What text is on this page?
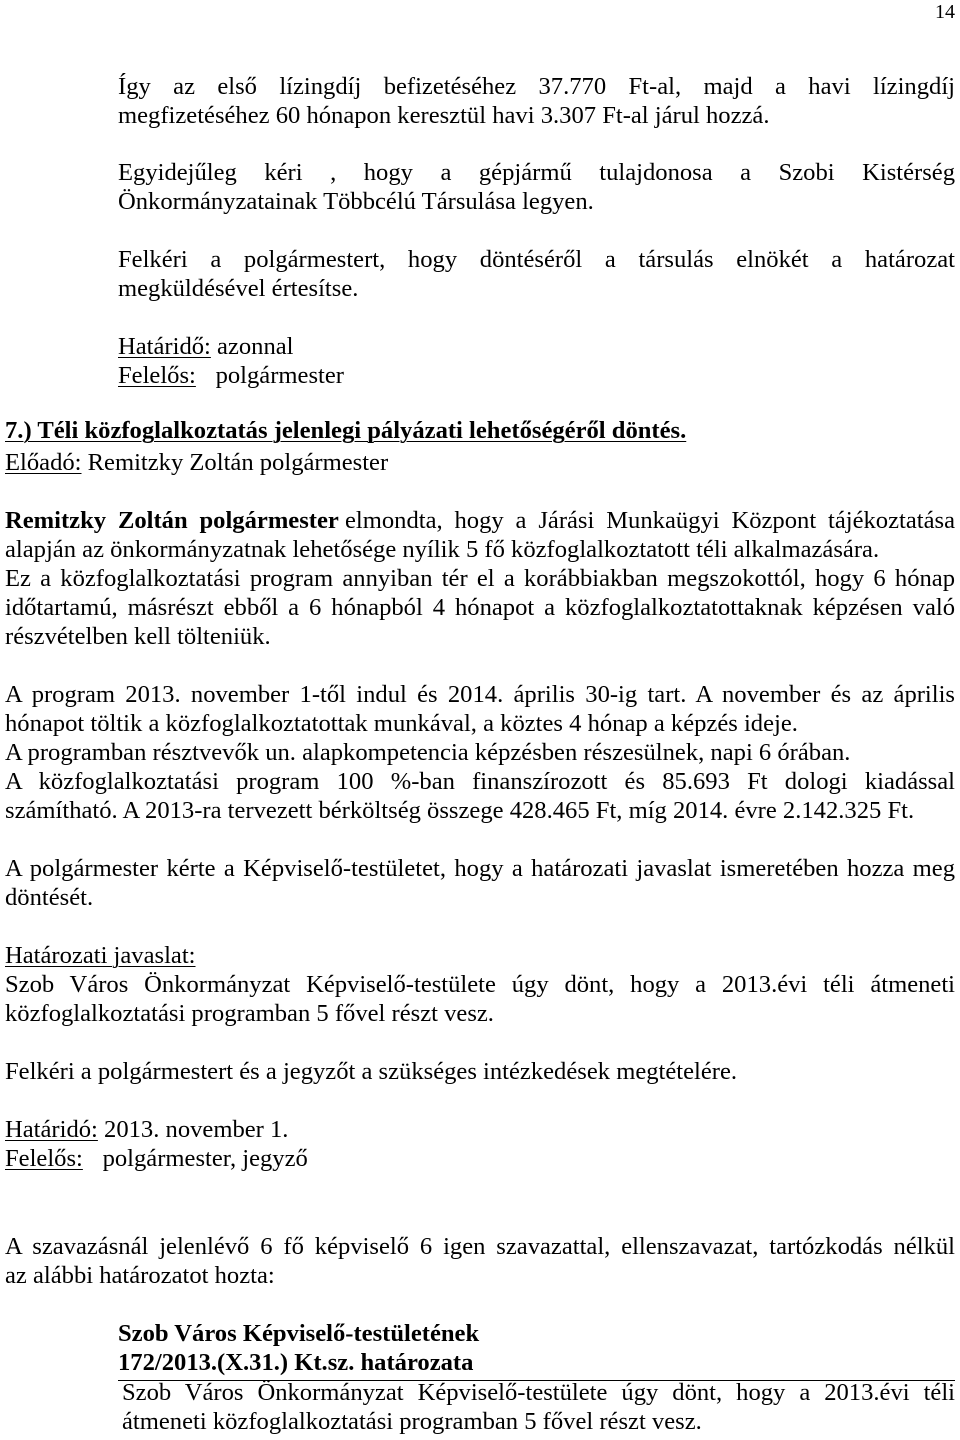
14
Így az első lízingdíj befizetéséhez 37.770 Ft-al, majd a havi lízingdíj
megfizetéséhez 60 hónapon keresztül havi 3.307 Ft-al járul hozzá.
Egyidejűleg kéri , hogy a gépjármű tulajdonosa a Szobi Kistérség
Önkormányzatainak Többcélú Társulása legyen.
Felkéri a polgármestert, hogy döntéséről a társulás elnökét a határozat
megküldésével értesítse.
Határidő: azonnal
Felelős: polgármester
7.) Téli közfoglalkoztatás jelenlegi pályázati lehetőségéről döntés.
Előadó: Remitzky Zoltán polgármester
Remitzky Zoltán polgármester elmondta, hogy a Járási Munkaügyi Központ tájékoztatása
alapján az önkormányzatnak lehetősége nyílik 5 fő közfoglalkoztatott téli alkalmazására.
Ez a közfoglalkoztatási program annyiban tér el a korábbiakban megszokottól, hogy 6 hónap
időtartamú, másrészt ebből a 6 hónapból 4 hónapot a közfoglalkoztatottaknak képzésen való
részvételben kell tölteniük.
A program 2013. november 1-től indul és 2014. április 30-ig tart. A november és az április
hónapot töltik a közfoglalkoztatottak munkával, a köztes 4 hónap a képzés ideje.
A programban résztvevők un. alapkompetencia képzésben részesülnek, napi 6 órában.
A közfoglalkoztatási program 100 %-ban finanszírozott és 85.693 Ft dologi kiadással
számítható. A 2013-ra tervezett bérköltség összege 428.465 Ft, míg 2014. évre 2.142.325 Ft.
A polgármester kérte a Képviselő-testületet, hogy a határozati javaslat ismeretében hozza meg
döntését.
Határozati javaslat:
Szob Város Önkormányzat Képviselő-testülete úgy dönt, hogy a 2013.évi téli átmeneti
közfoglalkoztatási programban 5 fővel részt vesz.
Felkéri a polgármestert és a jegyzőt a szükséges intézkedések megtételére.
Határidó: 2013. november 1.
Felelős: polgármester, jegyző
A szavazásnál jelenlévő 6 fő képviselő 6 igen szavazattal, ellenszavazat, tartózkodás nélkül
az alábbi határozatot hozta:
Szob Város Képviselő-testületének
172/2013.(X.31.) Kt.sz. határozata
Szob Város Önkormányzat Képviselő-testülete úgy dönt, hogy a 2013.évi téli
átmeneti közfoglalkoztatási programban 5 fővel részt vesz.
